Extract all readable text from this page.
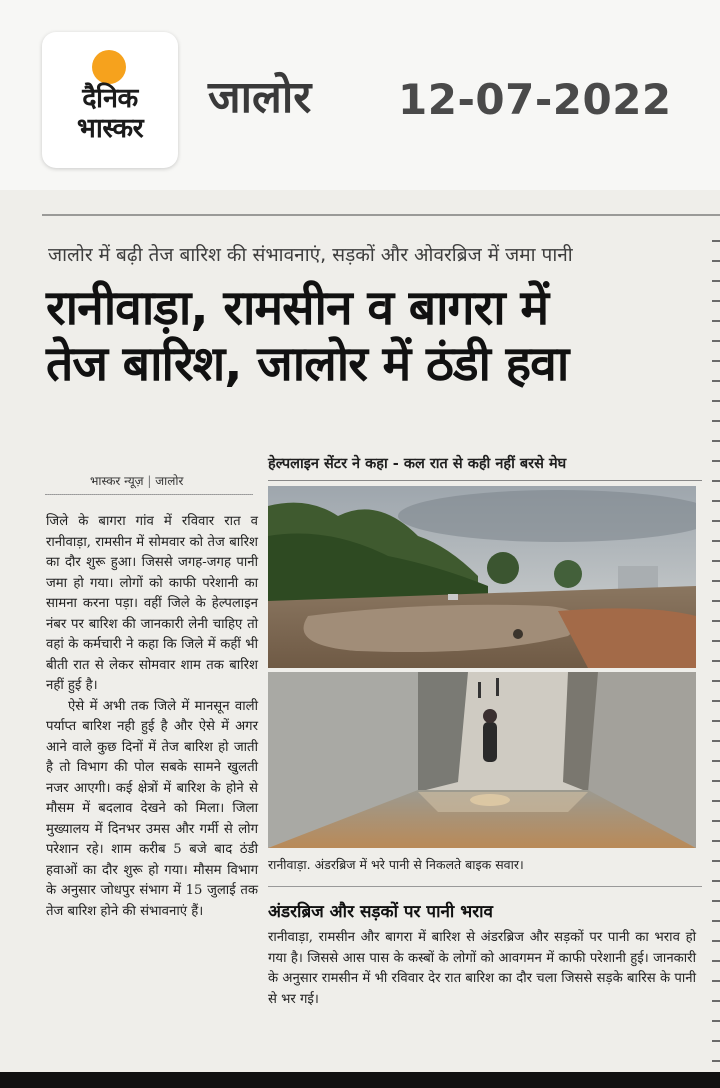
दैनिक
भास्कर
जालोर 12-07-2022
जालोर में बढ़ी तेज बारिश की संभावनाएं, सड़कों और ओवरब्रिज में जमा पानी
रानीवाड़ा, रामसीन व बागरा में
तेज बारिश, जालोर में ठंडी हवा
भास्कर न्यूज़ | जालोर

जिले के बागरा गांव में रविवार रात व रानीवाड़ा, रामसीन में सोमवार को तेज बारिश का दौर शुरू हुआ। जिससे जगह-जगह पानी जमा हो गया। लोगों को काफी परेशानी का सामना करना पड़ा। वहीं जिले के हेल्पलाइन नंबर पर बारिश की जानकारी लेनी चाहिए तो वहां के कर्मचारी ने कहा कि जिले में कहीं भी बीती रात से लेकर सोमवार शाम तक बारिश नहीं हुई है।

ऐसे में अभी तक जिले में मानसून वाली पर्याप्त बारिश नही हुई है और ऐसे में अगर आने वाले कुछ दिनों में तेज बारिश हो जाती है तो विभाग की पोल सबके सामने खुलती नजर आएगी। कई क्षेत्रों में बारिश के होने से मौसम में बदलाव देखने को मिला। जिला मुख्यालय में दिनभर उमस और गर्मी से लोग परेशान रहे। शाम करीब 5 बजे बाद ठंडी हवाओं का दौर शुरू हो गया। मौसम विभाग के अनुसार जोधपुर संभाग में 15 जुलाई तक तेज बारिश होने की संभावनाएं हैं।

हेल्पलाइन सेंटर ने कहा - कल रात से कही नहीं बरसे मेघ
रानीवाड़ा. अंडरब्रिज में भरे पानी से निकलते बाइक सवार।
अंडरब्रिज और सड़कों पर पानी भराव
रानीवाड़ा, रामसीन और बागरा में बारिश से अंडरब्रिज और सड़कों पर पानी का भराव हो गया है। जिससे आस पास के कस्बों के लोगों को आवगमन में काफी परेशानी हुई। जानकारी के अनुसार रामसीन में भी रविवार देर रात बारिश का दौर चला जिससे सड़के बारिस के पानी से भर गई।
